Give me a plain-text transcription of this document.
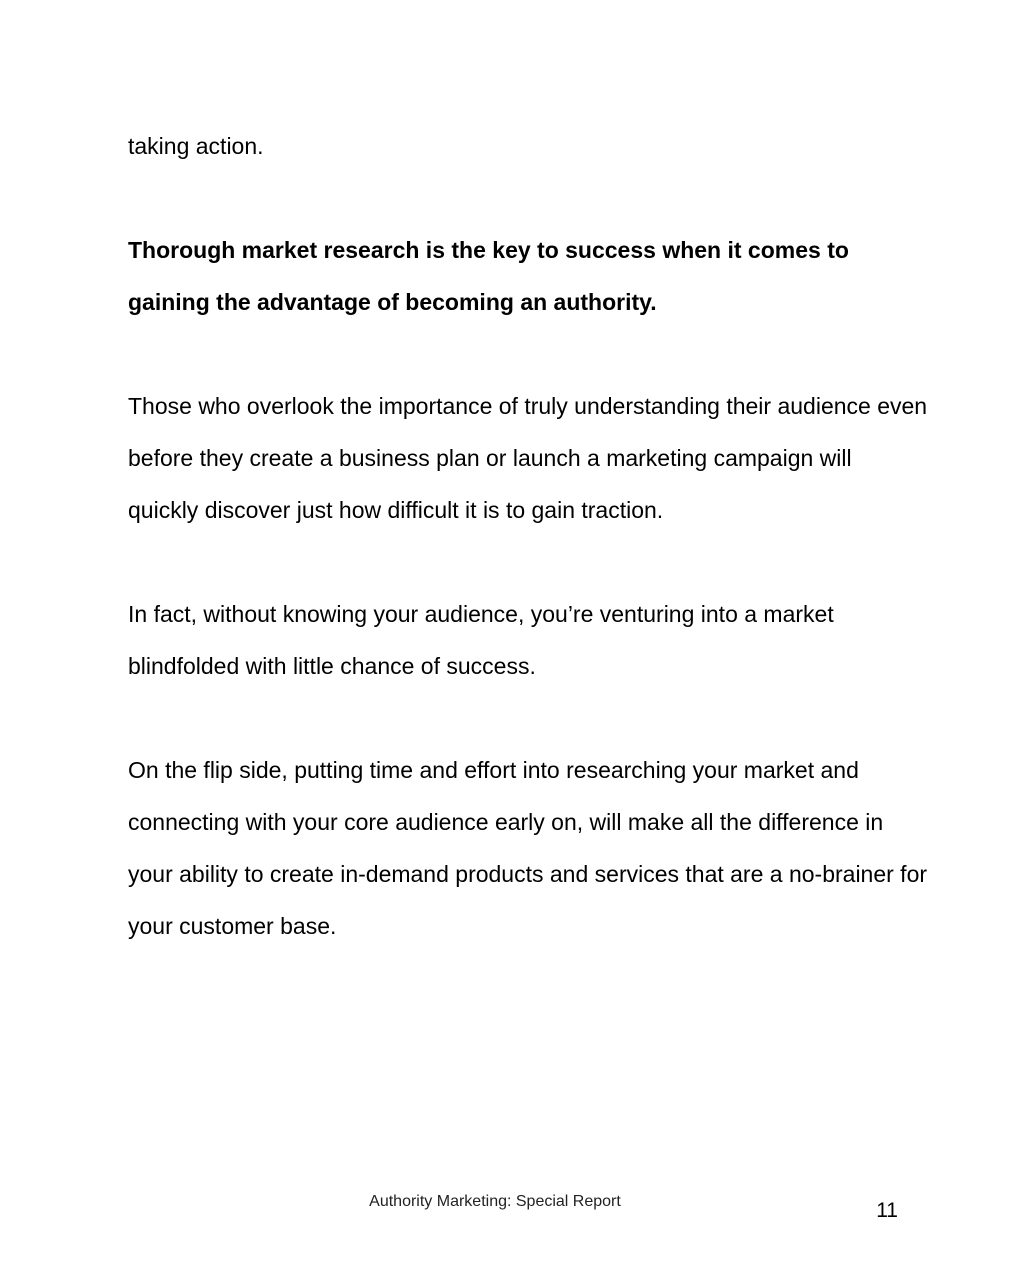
taking action.

Thorough market research is the key to success when it comes to gaining the advantage of becoming an authority.

Those who overlook the importance of truly understanding their audience even before they create a business plan or launch a marketing campaign will quickly discover just how difficult it is to gain traction.

In fact, without knowing your audience, you’re venturing into a market blindfolded with little chance of success.

On the flip side, putting time and effort into researching your market and connecting with your core audience early on, will make all the difference in your ability to create in-demand products and services that are a no-brainer for your customer base.

Authority Marketing: Special Report	11
